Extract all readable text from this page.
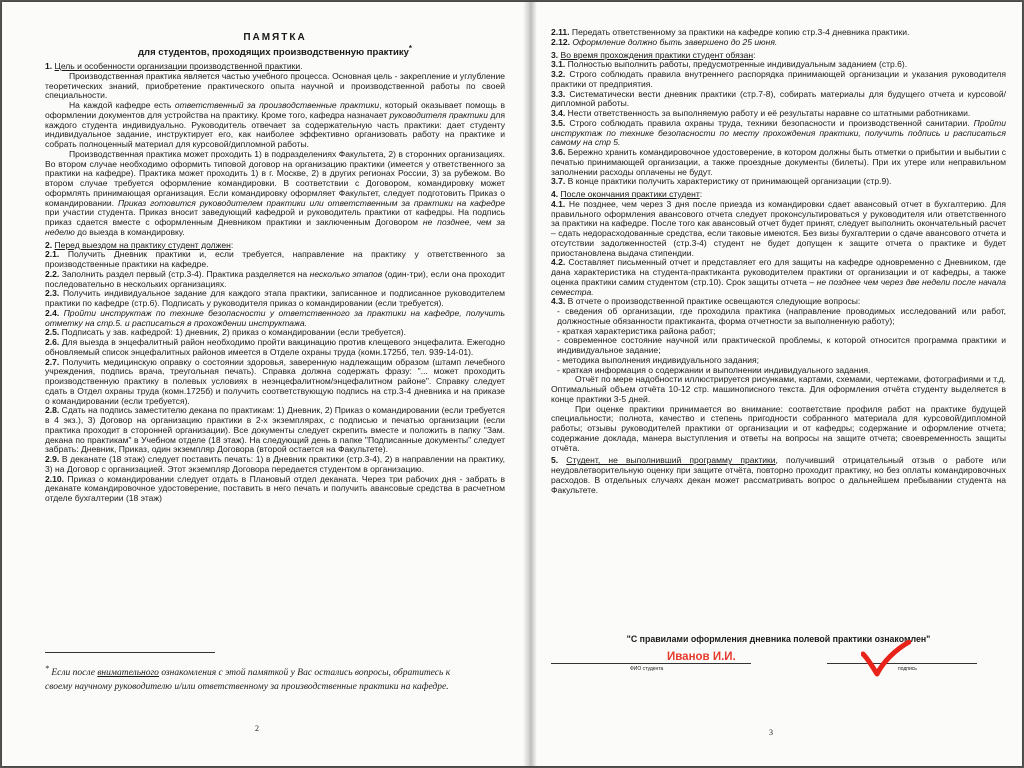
ПАМЯТКА
для студентов, проходящих производственную практику*
1. Цель и особенности организации производственной практики.
Производственная практика является частью учебного процесса. Основная цель - закрепление и углубление теоретических знаний, приобретение практического опыта научной и производственной работы по своей специальности.
На каждой кафедре есть ответственный за производственные практики, который оказывает помощь в оформлении документов для устройства на практику. Кроме того, кафедра назначает руководителя практики для каждого студента индивидуально. Руководитель отвечает за содержательную часть практики: дает студенту индивидуальное задание, инструктирует его, как наиболее эффективно организовать работу на практике и собрать полноценный материал для курсовой/дипломной работы.
Производственная практика может проходить 1) в подразделениях Факультета, 2) в сторонних организациях. Во втором случае необходимо оформить типовой договор на организацию практики (имеется у ответственного за практики на кафедре). Практика может проходить 1) в г. Москве, 2) в других регионах России, 3) за рубежом. Во втором случае требуется оформление командировки. В соответствии с Договором, командировку может оформлять принимающая организация. Если командировку оформляет Факультет, следует подготовить Приказ о командировании. Приказ готовится руководителем практики или ответственным за практики на кафедре при участии студента. Приказ вносит заведующий кафедрой и руководитель практики от кафедры. На подпись приказ сдается вместе с оформленным Дневником практики и заключенным Договором не позднее, чем за неделю до выезда в командировку.
2. Перед выездом на практику студент должен:
2.1. Получить Дневник практики и, если требуется, направление на практику у ответственного за производственные практики на кафедре.
2.2. Заполнить раздел первый (стр.3-4). Практика разделяется на несколько этапов (один-три), если она проходит последовательно в нескольких организациях.
2.3. Получить индивидуальное задание для каждого этапа практики, записанное и подписанное руководителем практики по кафедре (стр.6). Подписать у руководителя приказ о командировании (если требуется).
2.4. Пройти инструктаж по технике безопасности у ответственного за практики на кафедре, получить отметку на стр.5. и расписаться в прохождении инструктажа.
2.5. Подписать у зав. кафедрой: 1) дневник, 2) приказ о командировании (если требуется).
2.6. Для выезда в энцефалитный район необходимо пройти вакцинацию против клещевого энцефалита. Ежегодно обновляемый список энцефалитных районов имеется в Отделе охраны труда (комн.1725б, тел. 939-14-01).
2.7. Получить медицинскую оправку о состоянии здоровья, заверенную надлежащим образом (штамп лечебного учреждения, подпись врача, треугольная печать). Справка должна содержать фразу: "... может проходить производственную практику в полевых условиях в неэнцефалитном/энцефалитном районе". Справку следует сдать в Отдел охраны труда (комн.1725б) и получить соответствующую подпись на стр.3-4 дневника и на приказе о командировании (если требуется).
2.8. Сдать на подпись заместителю декана по практикам: 1) Дневник, 2) Приказ о командировании (если требуется в 4 экз.), 3) Договор на организацию практики в 2-х экземплярах, с подписью и печатью организации (если практика проходит в сторонней организации). Все документы следует скрепить вместе и положить в папку "Зам. декана по практикам" в Учебном отделе (18 этаж). На следующий день в папке "Подписанные документы" следует забрать: Дневник, Приказ, один экземпляр Договора (второй остается на Факультете).
2.9. В деканате (18 этаж) следует поставить печать: 1) в Дневник практики (стр.3-4), 2) в направлении на практику, 3) на Договор с организацией. Этот экземпляр Договора передается студентом в организацию.
2.10. Приказ о командировании следует отдать в Плановый отдел деканата. Через три рабочих дня - забрать в деканате командировочное удостоверение, поставить в него печать и получить авансовые средства в расчетном отделе бухгалтерии (18 этаж)
* Если после внимательного ознакомления с этой памяткой у Вас остались вопросы, обратитесь к своему научному руководителю и/или ответственному за производственные практики на кафедре.
2
2.11. Передать ответственному за практики на кафедре копию стр.3-4 дневника практики.
2.12. Оформление должно быть завершено до 25 июня.
3. Во время прохождения практики студент обязан:
3.1. Полностью выполнить работы, предусмотренные индивидуальным заданием (стр.6).
3.2. Строго соблюдать правила внутреннего распорядка принимающей организации и указания руководителя практики от предприятия.
3.3. Систематически вести дневник практики (стр.7-8), собирать материалы для будущего отчета и курсовой/дипломной работы.
3.4. Нести ответственность за выполняемую работу и её результаты наравне со штатными работниками.
3.5. Строго соблюдать правила охраны труда, техники безопасности и производственной санитарии. Пройти инструктаж по технике безопасности по месту прохождения практики, получить подпись и расписаться самому на стр 5.
3.6. Бережно хранить командировочное удостоверение, в котором должны быть отметки о прибытии и выбытии с печатью принимающей организации, а также проездные документы (билеты). При их утере или неправильном заполнении расходы оплачены не будут.
3.7. В конце практики получить характеристику от принимающей организации (стр.9).
4. После окончания практики студент:
4.1. Не позднее, чем через 3 дня после приезда из командировки сдает авансовый отчет в бухгалтерию. Для правильного оформления авансового отчета следует проконсультироваться у руководителя или ответственного за практики на кафедре. После того как авансовый отчет будет принят, следует выполнить окончательный расчет – сдать недорасходованные средства, если таковые имеются. Без визы бухгалтерии о сдаче авансового отчета и отсутствии задолженностей (стр.3-4) студент не будет допущен к защите отчета о практике и будет приостановлена выдача стипендии.
4.2. Составляет письменный отчет и представляет его для защиты на кафедре одновременно с Дневником, где дана характеристика на студента-практиканта руководителем практики от организации и от кафедры, а также оценка практики самим студентом (стр.10). Срок защиты отчета – не позднее чем через две недели после начала семестра.
4.3. В отчете о производственной практике освещаются следующие вопросы:
- сведения об организации, где проходила практика (направление проводимых исследований или работ, должностные обязанности практиканта, форма отчетности за выполненную работу);
- краткая характеристика района работ;
- современное состояние научной или практической проблемы, к которой относится программа практики и индивидуальное задание;
- методика выполнения индивидуального задания;
- краткая информация о содержании и выполнении индивидуального задания.
Отчёт по мере надобности иллюстрируется рисунками, картами, схемами, чертежами, фотографиями и т.д. Оптимальный объем отчёта 10-12 стр. машинописного текста. Для оформления отчёта студенту выделяется в конце практики 3-5 дней.
При оценке практики принимается во внимание: соответствие профиля работ на практике будущей специальности; полнота, качество и степень пригодности собранного материала для курсовой/дипломной работы; отзывы руководителей практики от организации и от кафедры; содержание и оформление отчета; содержание доклада, манера выступления и ответы на вопросы на защите отчета; своевременность защиты отчёта.
5. Студент, не выполнивший программу практики, получивший отрицательный отзыв о работе или неудовлетворительную оценку при защите отчёта, повторно проходит практику, но без оплаты командировочных расходов. В отдельных случаях декан может рассматривать вопрос о дальнейшем пребывании студента на Факультете.
"С правилами оформления дневника полевой практики ознакомлен"
Иванов И.И.
ФИО студента	подпись
3
